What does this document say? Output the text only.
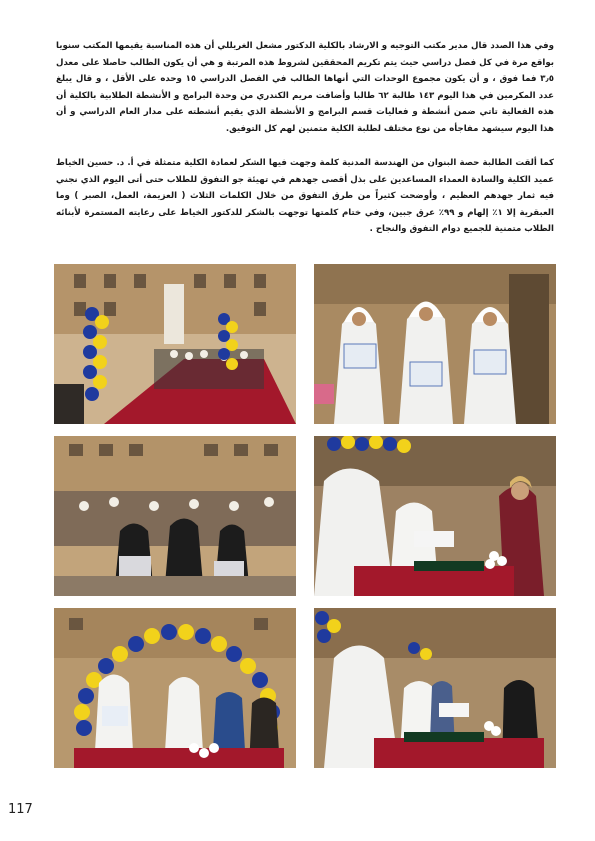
وفي هذا الصدد قال مدير مكتب التوجيه و الارشاد بالكلية الدكتور مشعل الغريللي أن هذه المناسبة يقيمها المكتب سنويا بواقع مرة في كل فصل دراسي حيث يتم تكريم المحققين لشروط هذه المرتبة و هي أن يكون الطالب حاصلا على معدل ٣٫٥ فما فوق ، و أن يكون مجموع الوحدات التي أنهاها الطالب في الفصل الدراسي ١٥ وحده على الأقل ، و قال يبلغ عدد المكرمين في هذا اليوم ١٤٣ طالبة ٦٢ طالبا وأضافت مريم الكندري من وحدة البرامج و الأنشطة الطلابية بالكلية أن هذه الفعالية تاتي ضمن أنشطة و فعاليات قسم البرامج و الأنشطة الذي يقيم أنشطته على مدار العام الدراسي و أن هذا اليوم سيشهد مفاجأه من نوع مختلف لطلبة الكلية متمنين لهم كل التوفيق.
كما ألقت الطالبة حصة البنوان من الهندسة المدنية كلمة وجهت فيها الشكر لعمادة الكلية متمثلة في أ. د. حسين الخياط عميد الكلية والسادة العمداء المساعدين على بذل أقصى جهدهم في تهيئة جو التفوق للطلاب حتى أتى اليوم الذي نجني فيه ثمار جهدهم العظيم ، وأوضحت كثيراً من طرق التفوق من خلال الكلمات الثلاث ( العزيمة، العمل، الصبر ) وما العبقرية إلا ١٪ إلهام و ٩٩٪ عرق جبين، وفي ختام كلمتها توجهت بالشكر للدكتور الخياط على رعايته المستمرة لأبنائه الطلاب متمنية للجميع دوام التفوق والنجاح .
117
